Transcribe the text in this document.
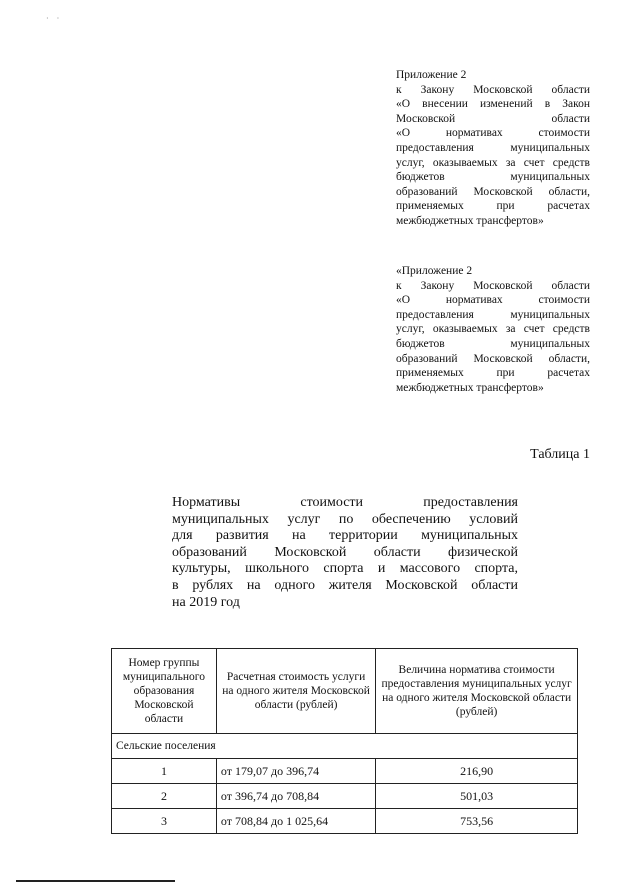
· ·
Приложение 2
к Закону Московской области
«О внесении изменений в Закон
Московской области
«О нормативах стоимости
предоставления муниципальных
услуг, оказываемых за счет средств
бюджетов муниципальных
образований Московской области,
применяемых при расчетах
межбюджетных трансфертов»
«Приложение 2
к Закону Московской области
«О нормативах стоимости
предоставления муниципальных
услуг, оказываемых за счет средств
бюджетов муниципальных
образований Московской области,
применяемых при расчетах
межбюджетных трансфертов»
Таблица 1
Нормативы стоимости предоставления
муниципальных услуг по обеспечению условий
для развития на территории муниципальных
образований Московской области физической
культуры, школьного спорта и массового спорта,
в рублях на одного жителя Московской области
на 2019 год
Номер группы муниципального образования Московской области	Расчетная стоимость услуги на одного жителя Московской области (рублей)	Величина норматива стоимости предоставления муниципальных услуг на одного жителя Московской области (рублей)
Сельские поселения		
1	от 179,07 до 396,74	216,90
2	от 396,74 до 708,84	501,03
3	от 708,84 до 1 025,64	753,56
